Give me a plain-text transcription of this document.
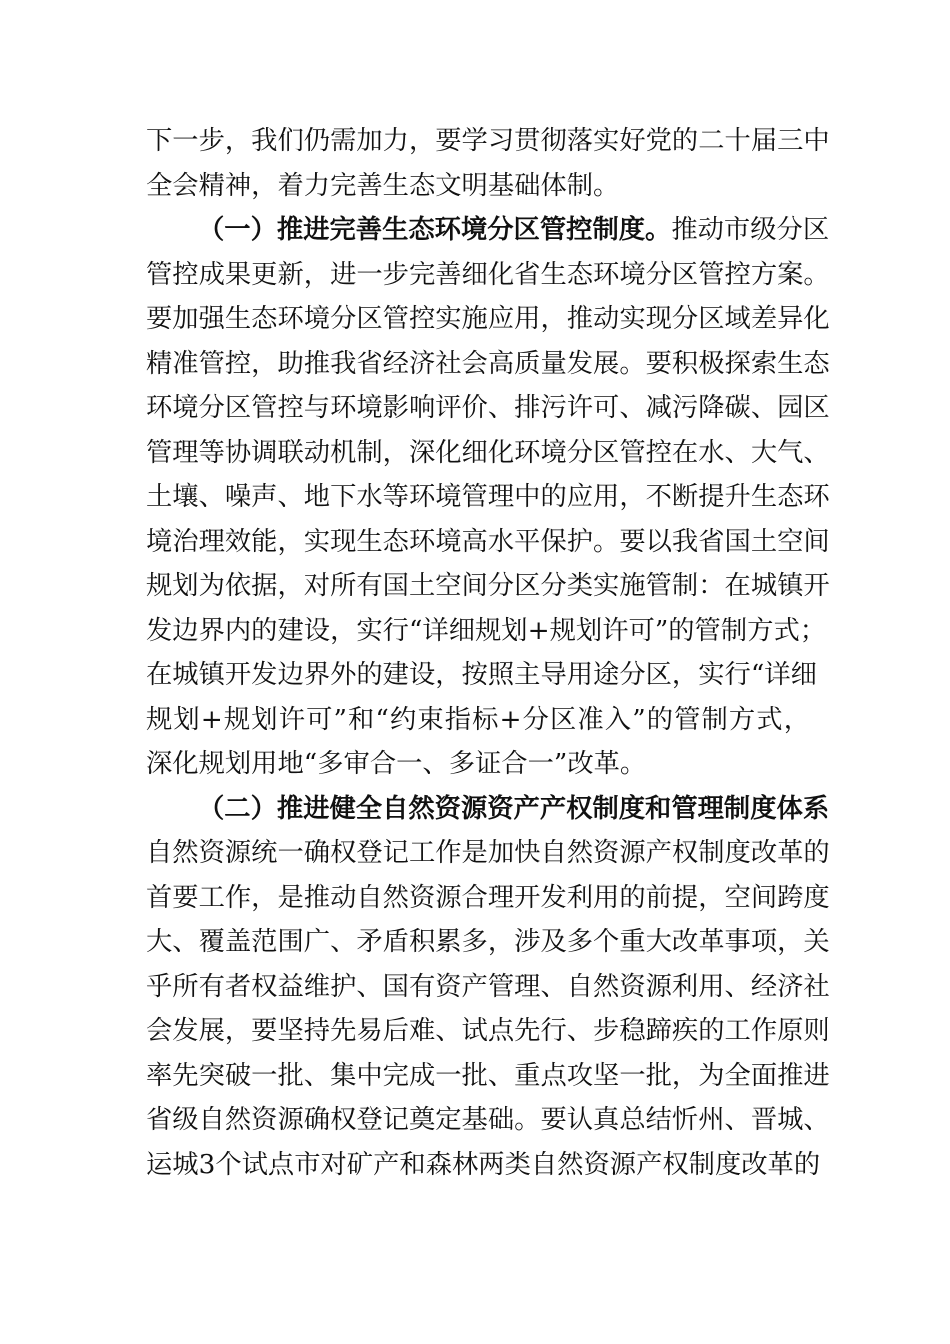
下一步，我们仍需加力，要学习贯彻落实好党的二十届三中
全会精神，着力完善生态文明基础体制。
（一）推进完善生态环境分区管控制度。推动市级分区
管控成果更新，进一步完善细化省生态环境分区管控方案。
要加强生态环境分区管控实施应用，推动实现分区域差异化
精准管控，助推我省经济社会高质量发展。要积极探索生态
环境分区管控与环境影响评价、排污许可、减污降碳、园区
管理等协调联动机制，深化细化环境分区管控在水、大气、
土壤、噪声、地下水等环境管理中的应用，不断提升生态环
境治理效能，实现生态环境高水平保护。要以我省国土空间
规划为依据，对所有国土空间分区分类实施管制：在城镇开
发边界内的建设，实行“详细规划+规划许可”的管制方式；
在城镇开发边界外的建设，按照主导用途分区，实行“详细
规划+规划许可”和“约束指标+分区准入”的管制方式，
深化规划用地“多审合一、多证合一”改革。
（二）推进健全自然资源资产产权制度和管理制度体系
自然资源统一确权登记工作是加快自然资源产权制度改革的
首要工作，是推动自然资源合理开发利用的前提，空间跨度
大、覆盖范围广、矛盾积累多，涉及多个重大改革事项，关
乎所有者权益维护、国有资产管理、自然资源利用、经济社
会发展，要坚持先易后难、试点先行、步稳蹄疾的工作原则
率先突破一批、集中完成一批、重点攻坚一批，为全面推进
省级自然资源确权登记奠定基础。要认真总结忻州、晋城、
运城3个试点市对矿产和森林两类自然资源产权制度改革的
